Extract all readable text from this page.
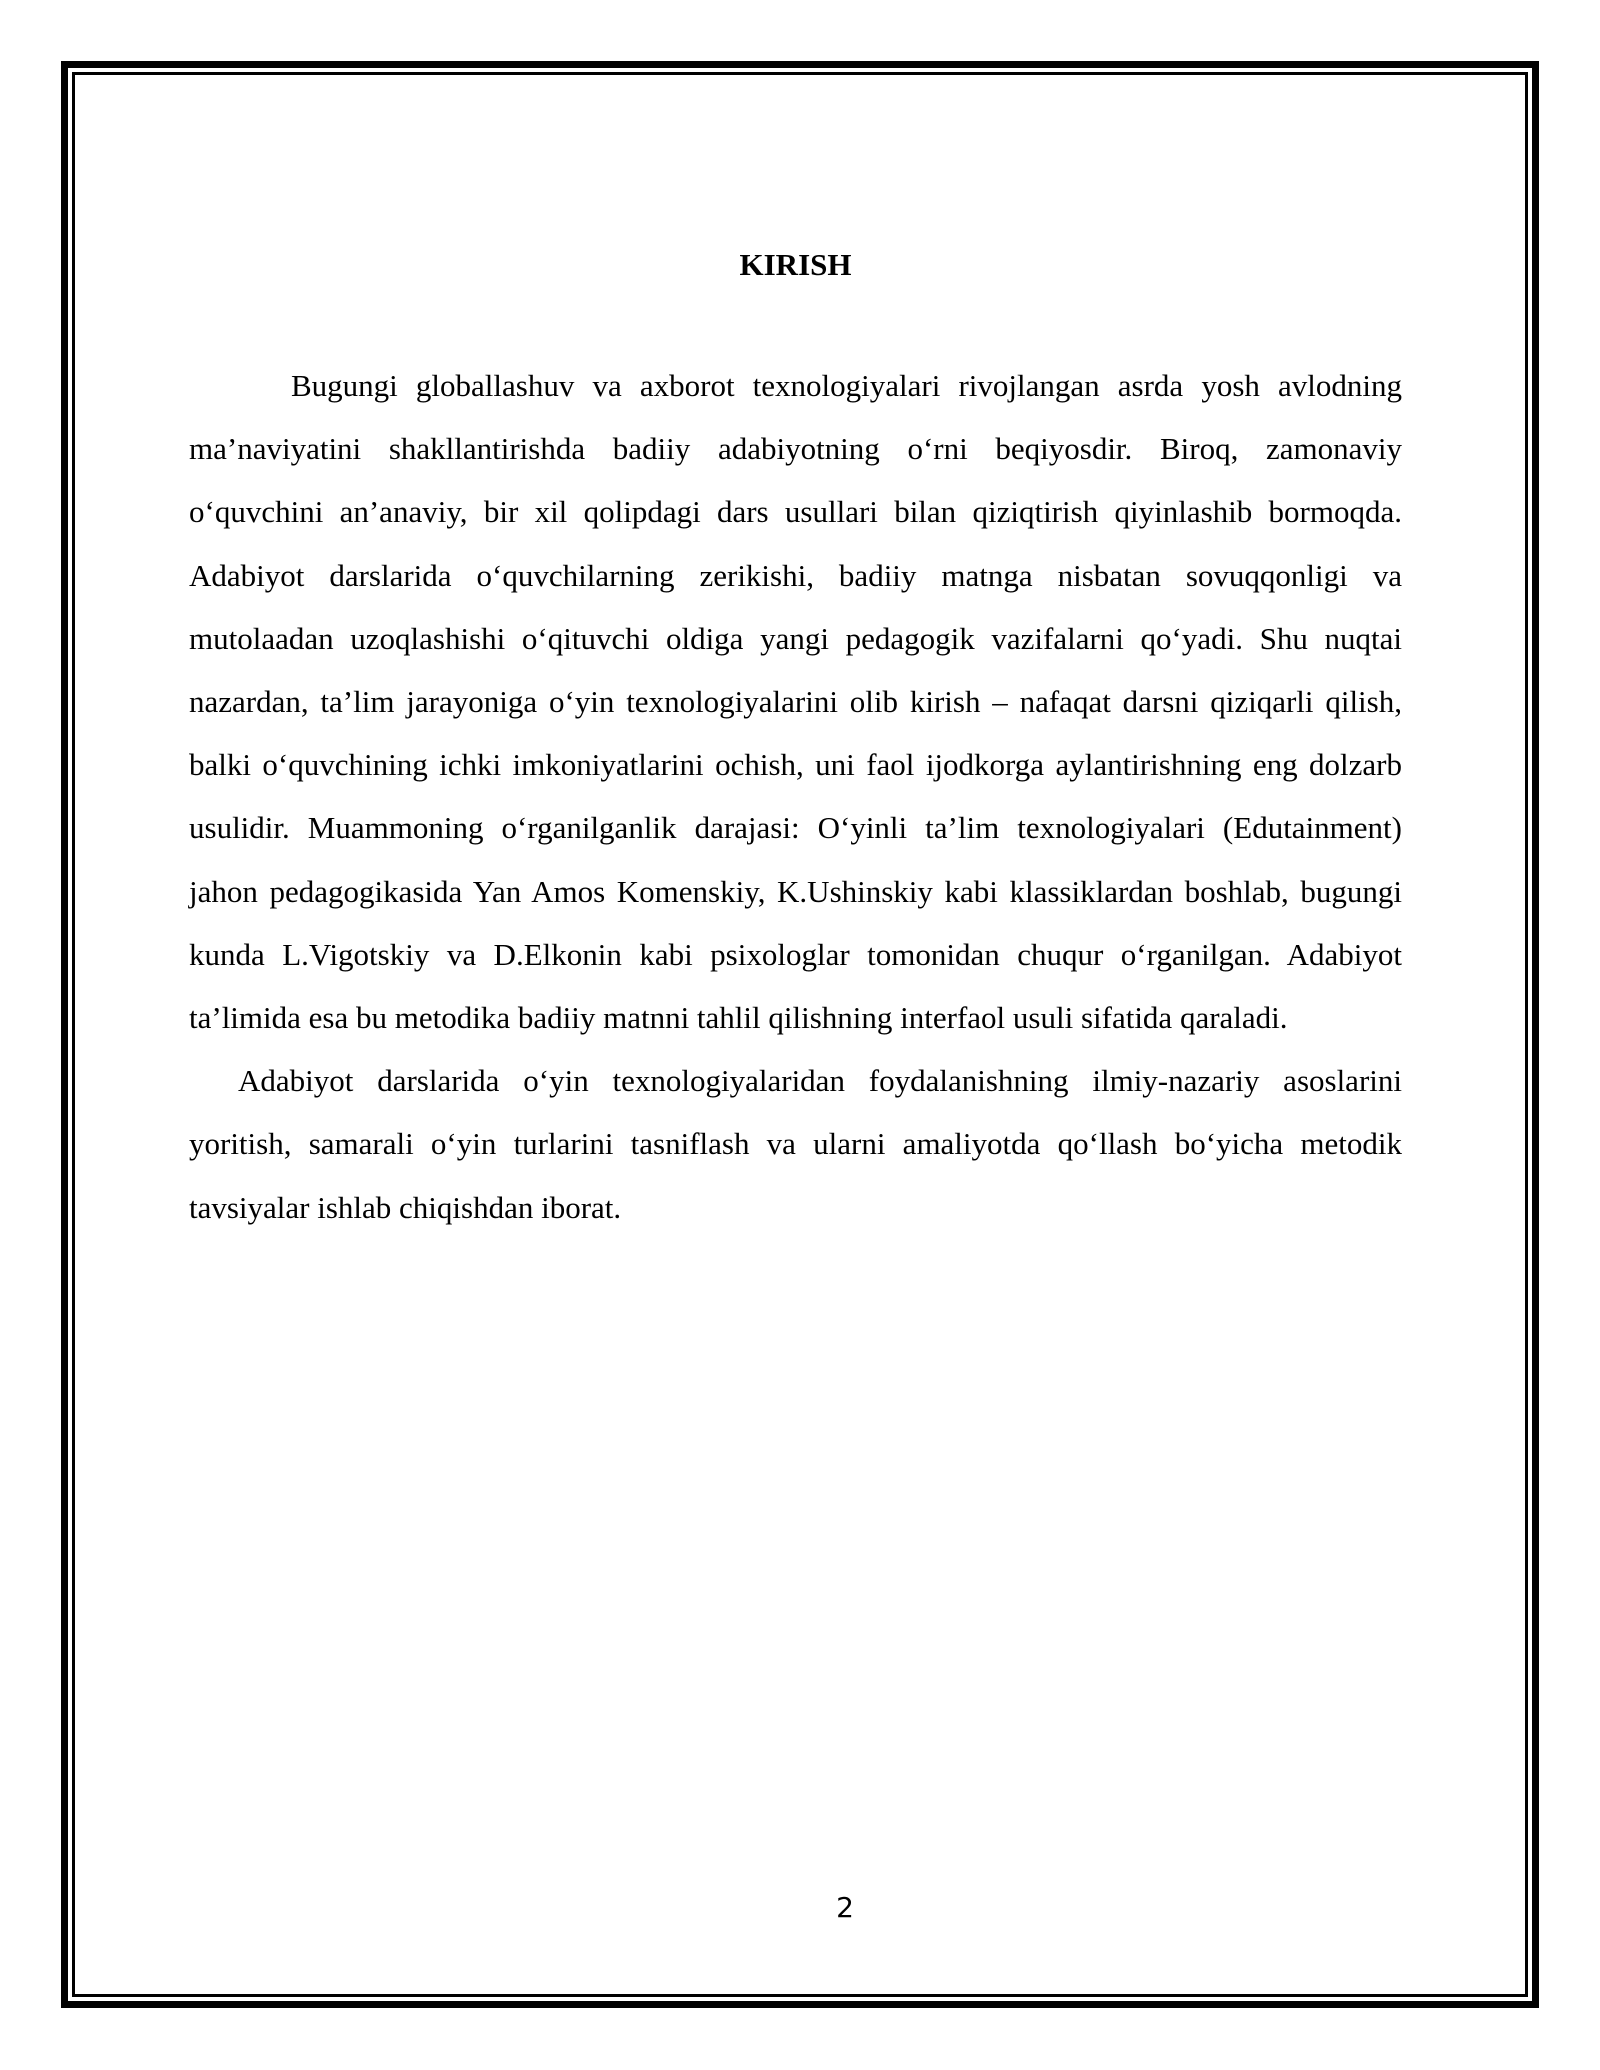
KIRISH

Bugungi globallashuv va axborot texnologiyalari rivojlangan asrda yosh avlodning ma’naviyatini shakllantirishda badiiy adabiyotning o‘rni beqiyosdir. Biroq, zamonaviy o‘quvchini an’anaviy, bir xil qolipdagi dars usullari bilan qiziqtirish qiyinlashib bormoqda. Adabiyot darslarida o‘quvchilarning zerikishi, badiiy matnga nisbatan sovuqqonligi va mutolaadan uzoqlashishi o‘qituvchi oldiga yangi pedagogik vazifalarni qo‘yadi. Shu nuqtai nazardan, ta’lim jarayoniga o‘yin texnologiyalarini olib kirish – nafaqat darsni qiziqarli qilish, balki o‘quvchining ichki imkoniyatlarini ochish, uni faol ijodkorga aylantirishning eng dolzarb usulidir. Muammoning o‘rganilganlik darajasi: O‘yinli ta’lim texnologiyalari (Edutainment) jahon pedagogikasida Yan Amos Komenskiy, K.Ushinskiy kabi klassiklardan boshlab, bugungi kunda L.Vigotskiy va D.Elkonin kabi psixologlar tomonidan chuqur o‘rganilgan. Adabiyot ta’limida esa bu metodika badiiy matnni tahlil qilishning interfaol usuli sifatida qaraladi.

Adabiyot darslarida o‘yin texnologiyalaridan foydalanishning ilmiy-nazariy asoslarini yoritish, samarali o‘yin turlarini tasniflash va ularni amaliyotda qo‘llash bo‘yicha metodik tavsiyalar ishlab chiqishdan iborat.

2
